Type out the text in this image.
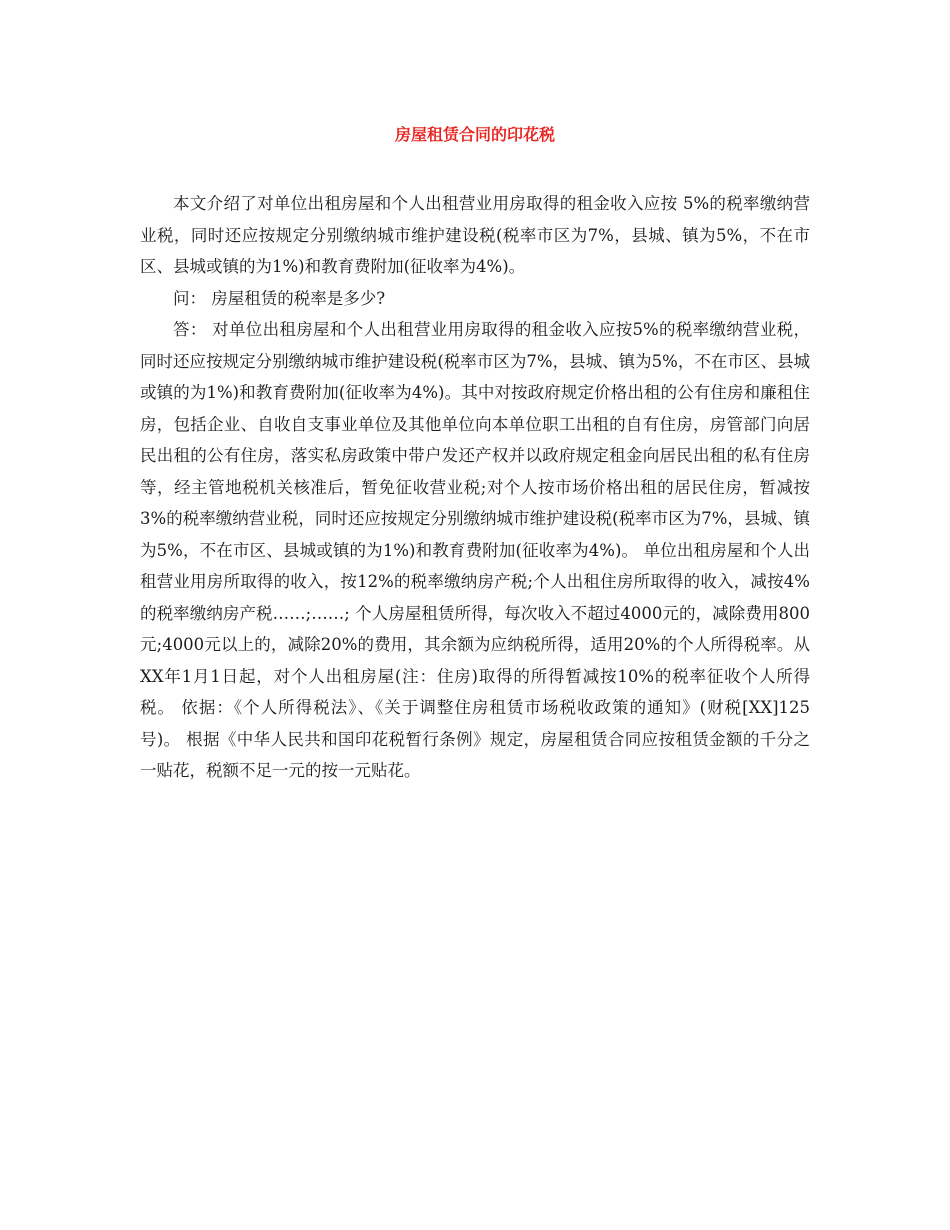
房屋租赁合同的印花税

本文介绍了对单位出租房屋和个人出租营业用房取得的租金收入应按 5%的税率缴纳营业税，同时还应按规定分别缴纳城市维护建设税(税率市区为7%，县城、镇为5%，不在市区、县城或镇的为1%)和教育费附加(征收率为4%)。

问： 房屋租赁的税率是多少?

答： 对单位出租房屋和个人出租营业用房取得的租金收入应按5%的税率缴纳营业税，同时还应按规定分别缴纳城市维护建设税(税率市区为7%，县城、镇为5%，不在市区、县城或镇的为1%)和教育费附加(征收率为4%)。其中对按政府规定价格出租的公有住房和廉租住房，包括企业、自收自支事业单位及其他单位向本单位职工出租的自有住房，房管部门向居民出租的公有住房，落实私房政策中带户发还产权并以政府规定租金向居民出租的私有住房等，经主管地税机关核准后，暂免征收营业税;对个人按市场价格出租的居民住房，暂减按3%的税率缴纳营业税，同时还应按规定分别缴纳城市维护建设税(税率市区为7%，县城、镇为5%，不在市区、县城或镇的为1%)和教育费附加(征收率为4%)。 单位出租房屋和个人出租营业用房所取得的收入，按12%的税率缴纳房产税;个人出租住房所取得的收入，减按4%的税率缴纳房产税……;……; 个人房屋租赁所得，每次收入不超过4000元的，减除费用800元;4000元以上的，减除20%的费用，其余额为应纳税所得，适用20%的个人所得税率。从XX年1月1日起，对个人出租房屋(注：住房)取得的所得暂减按10%的税率征收个人所得税。 依据：《个人所得税法》、《关于调整住房租赁市场税收政策的通知》(财税[XX]125号)。 根据《中华人民共和国印花税暂行条例》规定，房屋租赁合同应按租赁金额的千分之一贴花，税额不足一元的按一元贴花。
